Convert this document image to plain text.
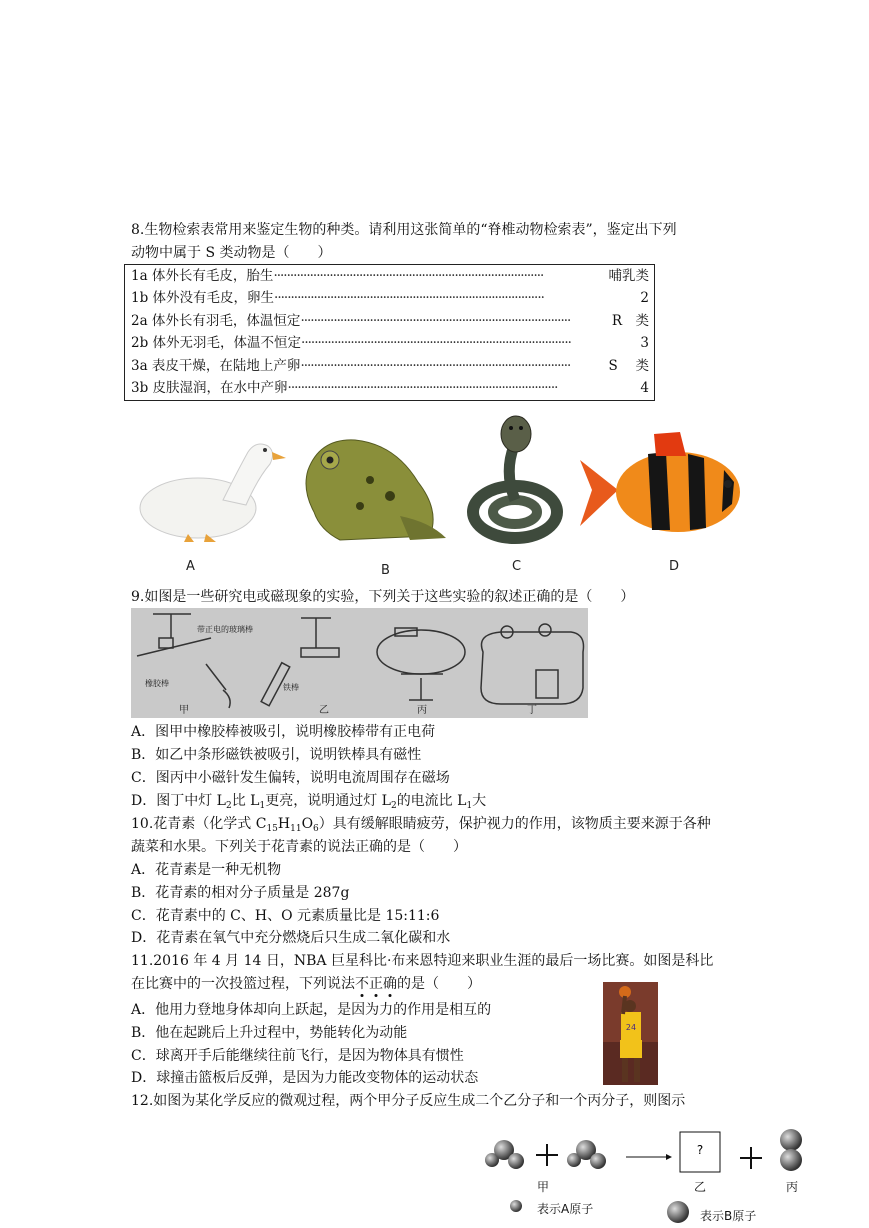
8.生物检索表常用来鉴定生物的种类。请利用这张简单的“脊椎动物检索表”，鉴定出下列
动物中属于 S 类动物是（　　）
1a 体外长有毛皮，胎生 ··················································································	哺乳类
1b 体外没有毛皮，卵生 ··················································································	2
2a 体外长有羽毛，体温恒定 ··················································································	R　类
2b 体外无羽毛，体温不恒定 ··················································································	3
3a 表皮干燥，在陆地上产卵 ··················································································	S　 类
3b 皮肤湿润，在水中产卵 ··················································································	4
A	B	C	D
9.如图是一些研究电或磁现象的实验，下列关于这些实验的叙述正确的是（　　）
带正电的玻璃棒
橡胶棒	铁棒
甲	乙	丙	丁
A．图甲中橡胶棒被吸引，说明橡胶棒带有正电荷
B．如乙中条形磁铁被吸引，说明铁棒具有磁性
C．图丙中小磁针发生偏转，说明电流周围存在磁场
D．图丁中灯 $L_2$比 $L_1$更亮，说明通过灯 $L_2$的电流比 $L_1$大
10.花青素（化学式 $C_{15}H_{11}O_6$）具有缓解眼睛疲劳，保护视力的作用，该物质主要来源于各种
蔬菜和水果。下列关于花青素的说法正确的是（　　）
A．花青素是一种无机物
B．花青素的相对分子质量是 287g
C．花青素中的 C、H、O 元素质量比是 15:11:6
D．花青素在氧气中充分燃烧后只生成二氧化碳和水
11.2016 年 4 月 14 日，NBA 巨星科比·布来恩特迎来职业生涯的最后一场比赛。如图是科比
在比赛中的一次投篮过程，下列说法不
正
确
的是（　　）
A．他用力登地身体却向上跃起，是因为力的作用是相互的
B．他在起跳后上升过程中，势能转化为动能
C．球离开手后能继续往前飞行，是因为物体具有惯性
D．球撞击篮板后反弹，是因为力能改变物体的运动状态
24
12.如图为某化学反应的微观过程，两个甲分子反应生成二个乙分子和一个丙分子，则图示
?
甲	乙	丙
表示A原子	表示B原子
